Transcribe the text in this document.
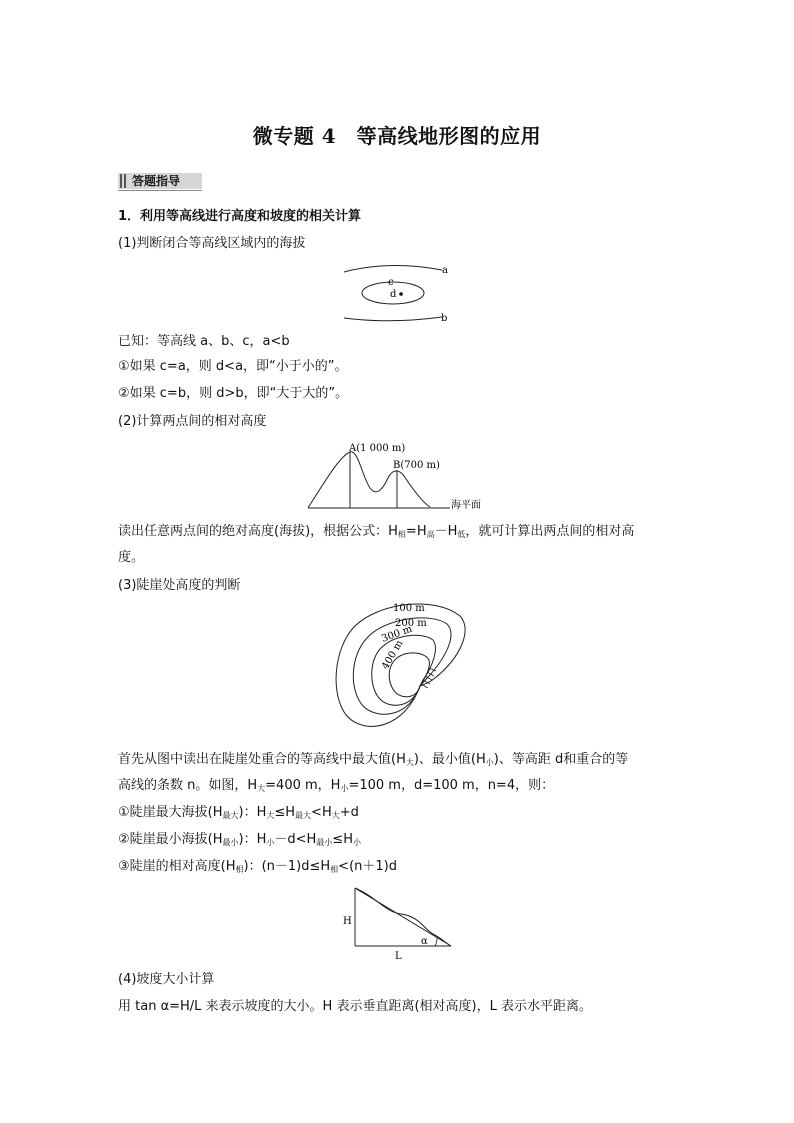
微专题 4　等高线地形图的应用
答题指导
1．利用等高线进行高度和坡度的相关计算
(1)判断闭合等高线区域内的海拔
a
b
c
d
已知：等高线 a、b、c，a<b
①如果 c=a，则 d<a，即“小于小的”。
②如果 c=b，则 d>b，即“大于大的”。
(2)计算两点间的相对高度
A(1 000 m)
B(700 m)
海平面
读出任意两点间的绝对高度(海拔)，根据公式：$H_相=H_高-H_低$，就可计算出两点间的相对高
度。
(3)陡崖处高度的判断
100 m
200 m
300 m
400 m
首先从图中读出在陡崖处重合的等高线中最大值$(H_大)$、最小值$(H_小)$、等高距 d和重合的等
高线的条数 n。如图，$H_大=400$ m，$H_小=100$ m，d=100 m，n=4，则：
①陡崖最大海拔$(H_{最大})$：$H_大\le H_{最大}<H_大+d$
②陡崖最小海拔$(H_{最小})$：$H_小-d<H_{最小}\le H_小$
③陡崖的相对高度$(H_相)$：$(n-1)d\le H_相<(n+1)d$
H
L
α
(4)坡度大小计算
用 tan α=H/L 来表示坡度的大小。H 表示垂直距离(相对高度)，L 表示水平距离。
